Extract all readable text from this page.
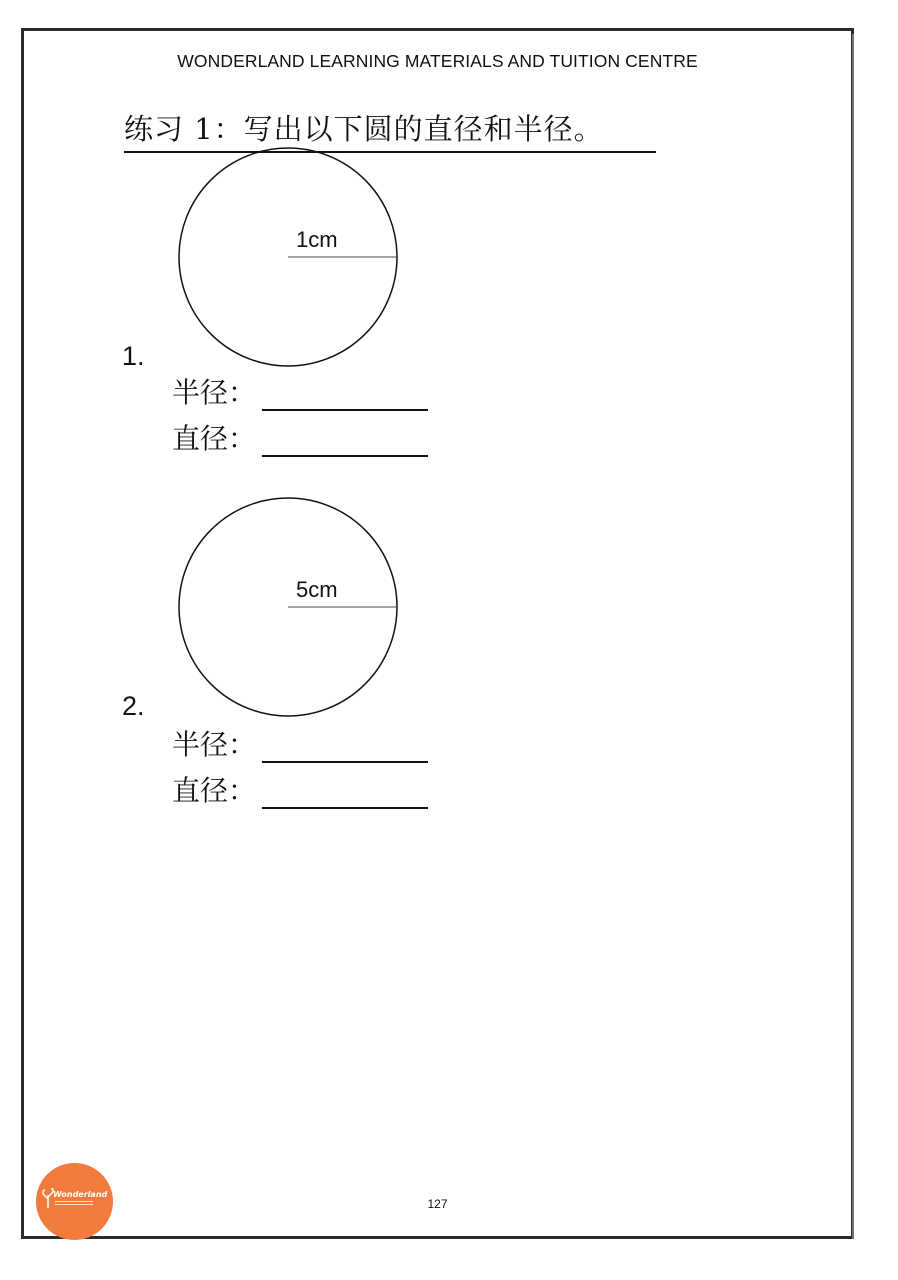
WONDERLAND LEARNING MATERIALS AND TUITION CENTRE
练习 1：写出以下圆的直径和半径。
1cm
1.
半径：
直径：
5cm
2.
半径：
直径：
Wonderland
127
